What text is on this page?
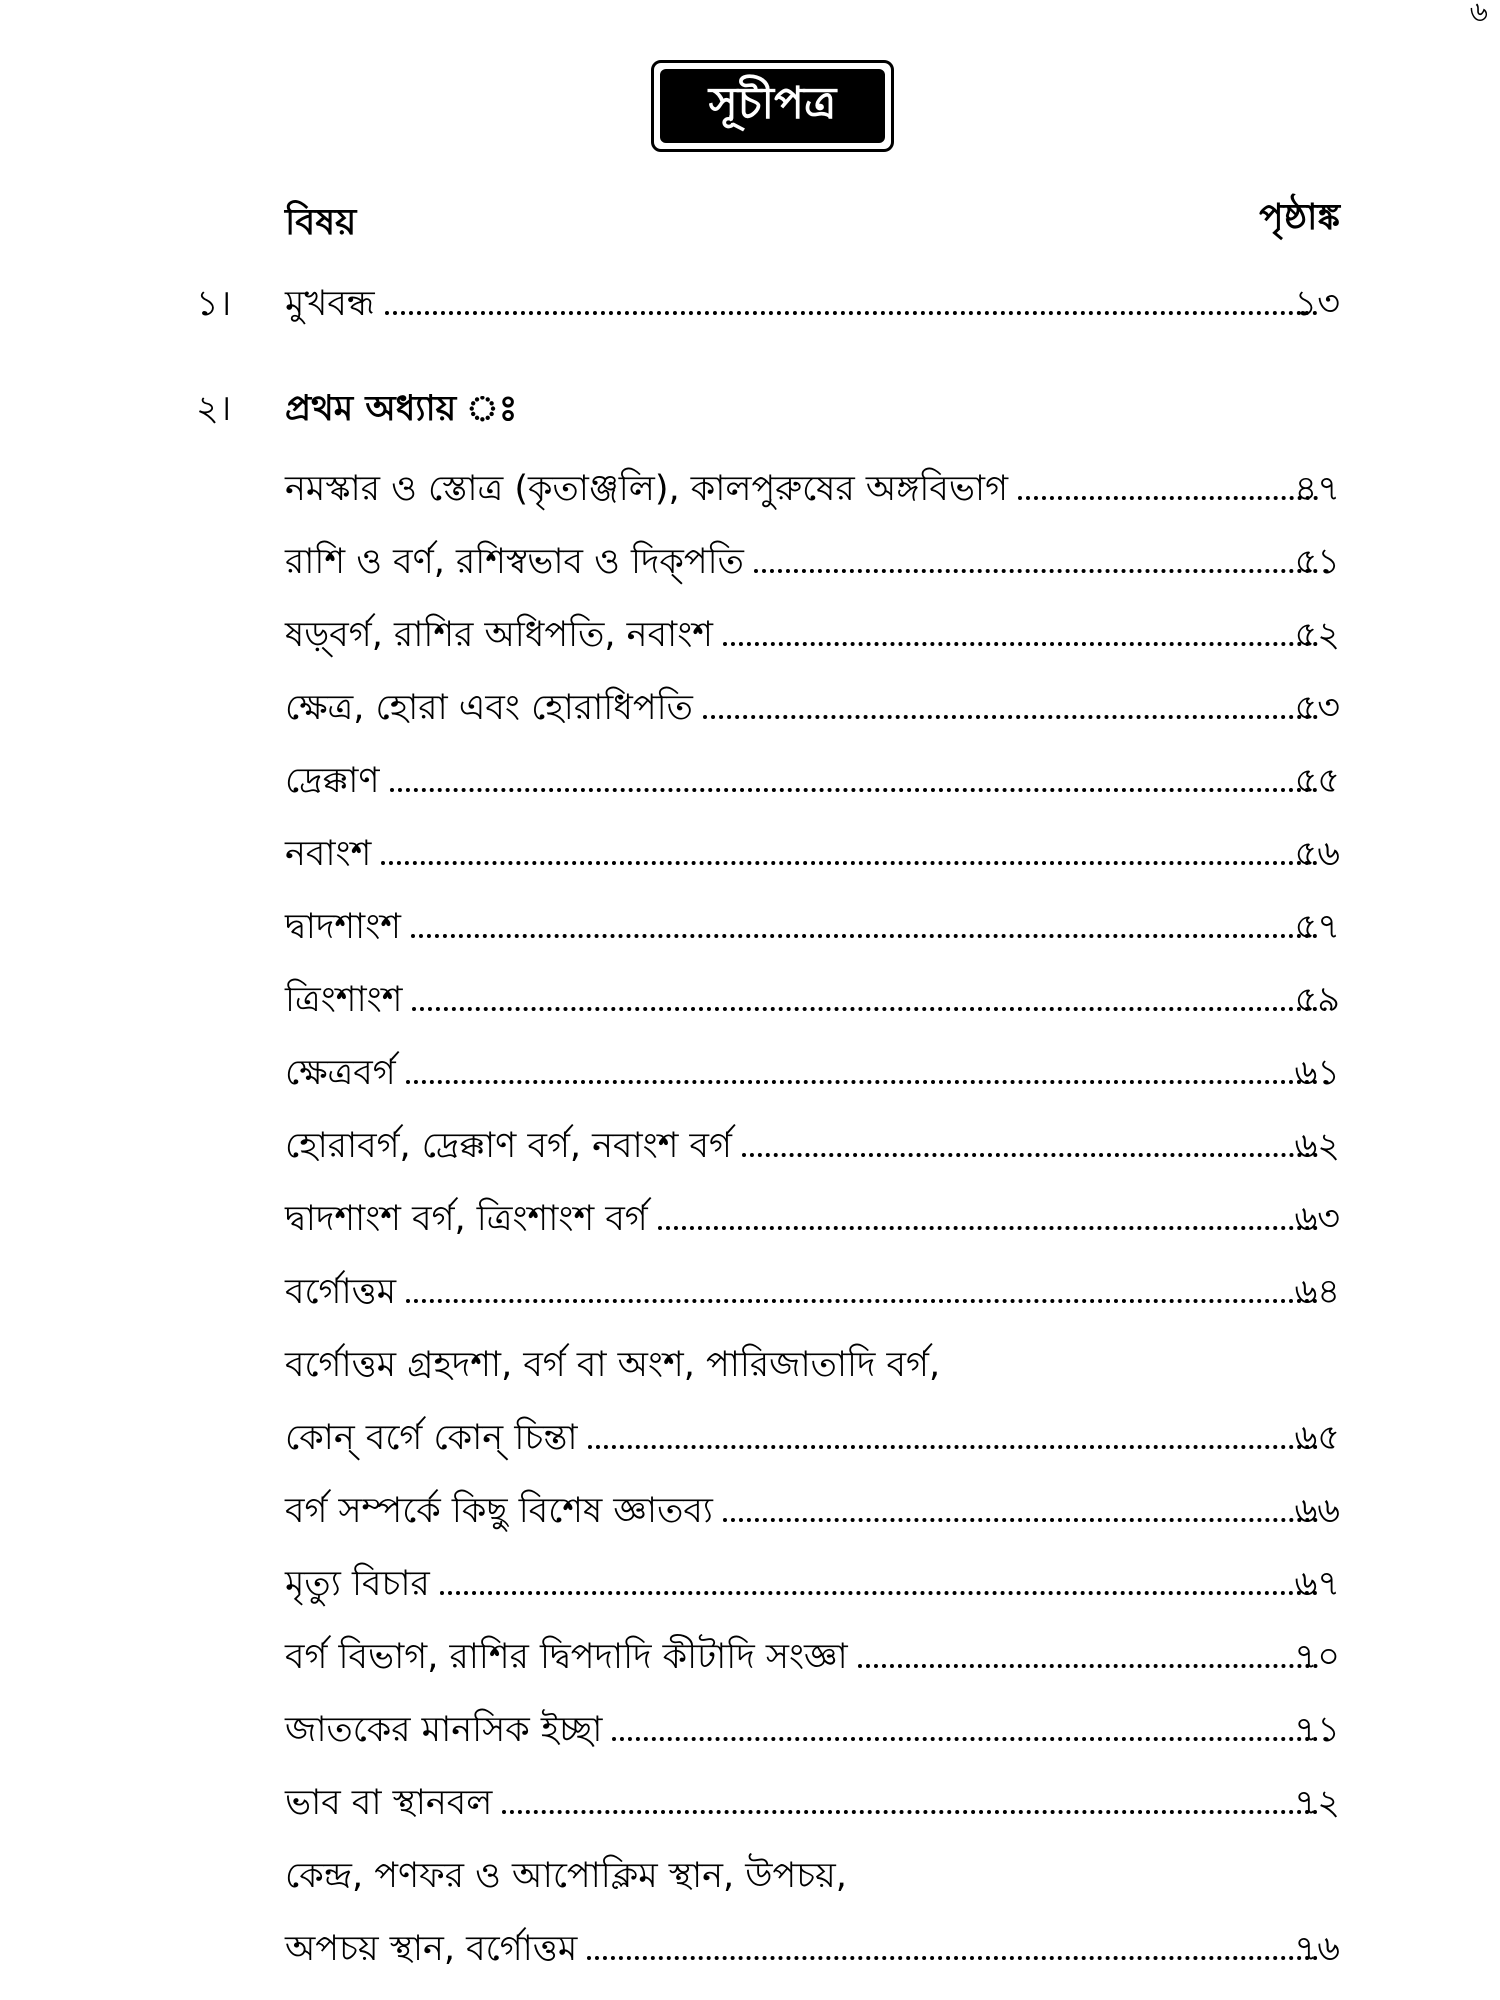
৬
সূচীপত্র
বিষয়	পৃষ্ঠাঙ্ক
১।	মুখবন্ধ	১৩
২।	প্রথম অধ্যায় ঃ
নমস্কার ও স্তোত্র (কৃতাঞ্জলি), কালপুরুষের অঙ্গবিভাগ	৪৭
রাশি ও বর্ণ, রশিস্বভাব ও দিক্‌পতি	৫১
ষড়্‌বর্গ, রাশির অধিপতি, নবাংশ	৫২
ক্ষেত্র, হোরা এবং হোরাধিপতি	৫৩
দ্রেক্কাণ	৫৫
নবাংশ	৫৬
দ্বাদশাংশ	৫৭
ত্রিংশাংশ	৫৯
ক্ষেত্রবর্গ	৬১
হোরাবর্গ, দ্রেক্কাণ বর্গ, নবাংশ বর্গ	৬২
দ্বাদশাংশ বর্গ, ত্রিংশাংশ বর্গ	৬৩
বর্গোত্তম	৬৪
বর্গোত্তম গ্রহদশা, বর্গ বা অংশ, পারিজাতাদি বর্গ,
কোন্ বর্গে কোন্ চিন্তা	৬৫
বর্গ সম্পর্কে কিছু বিশেষ জ্ঞাতব্য	৬৬
মৃত্যু বিচার	৬৭
বর্গ বিভাগ, রাশির দ্বিপদাদি কীটাদি সংজ্ঞা	৭০
জাতকের মানসিক ইচ্ছা	৭১
ভাব বা স্থানবল	৭২
কেন্দ্র, পণফর ও আপোক্লিম স্থান, উপচয়,
অপচয় স্থান, বর্গোত্তম	৭৬
